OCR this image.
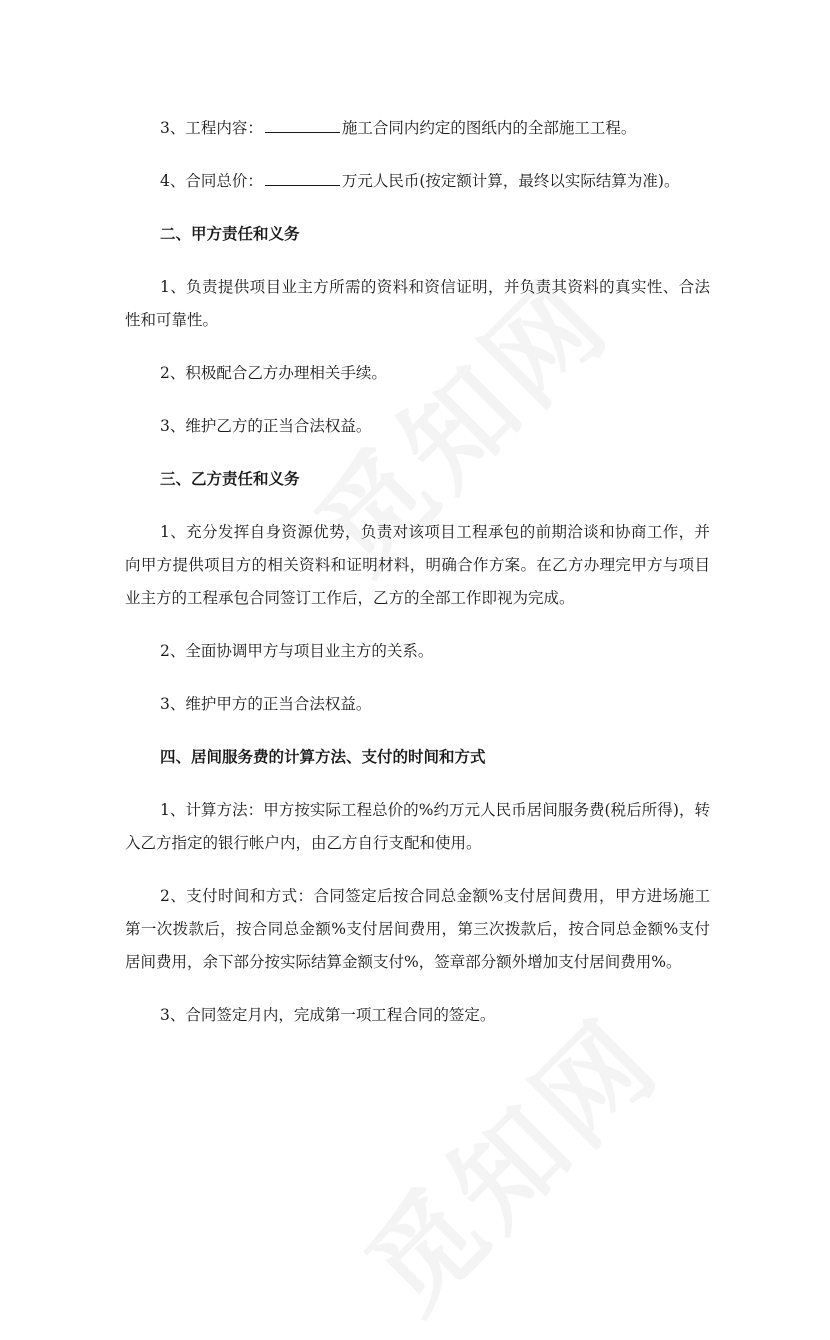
3、工程内容：	施工合同内约定的图纸内的全部施工工程。

4、合同总价：	万元人民币(按定额计算，最终以实际结算为准)。

二、甲方责任和义务

1、负责提供项目业主方所需的资料和资信证明，并负责其资料的真实性、合法性和可靠性。

2、积极配合乙方办理相关手续。

3、维护乙方的正当合法权益。

三、乙方责任和义务

1、充分发挥自身资源优势，负责对该项目工程承包的前期洽谈和协商工作，并向甲方提供项目方的相关资料和证明材料，明确合作方案。在乙方办理完甲方与项目业主方的工程承包合同签订工作后，乙方的全部工作即视为完成。

2、全面协调甲方与项目业主方的关系。

3、维护甲方的正当合法权益。

四、居间服务费的计算方法、支付的时间和方式

1、计算方法：甲方按实际工程总价的%约万元人民币居间服务费(税后所得)，转入乙方指定的银行帐户内，由乙方自行支配和使用。

2、支付时间和方式：合同签定后按合同总金额%支付居间费用，甲方进场施工第一次拨款后，按合同总金额%支付居间费用，第三次拨款后，按合同总金额%支付居间费用，余下部分按实际结算金额支付%，签章部分额外增加支付居间费用%。

3、合同签定月内，完成第一项工程合同的签定。
